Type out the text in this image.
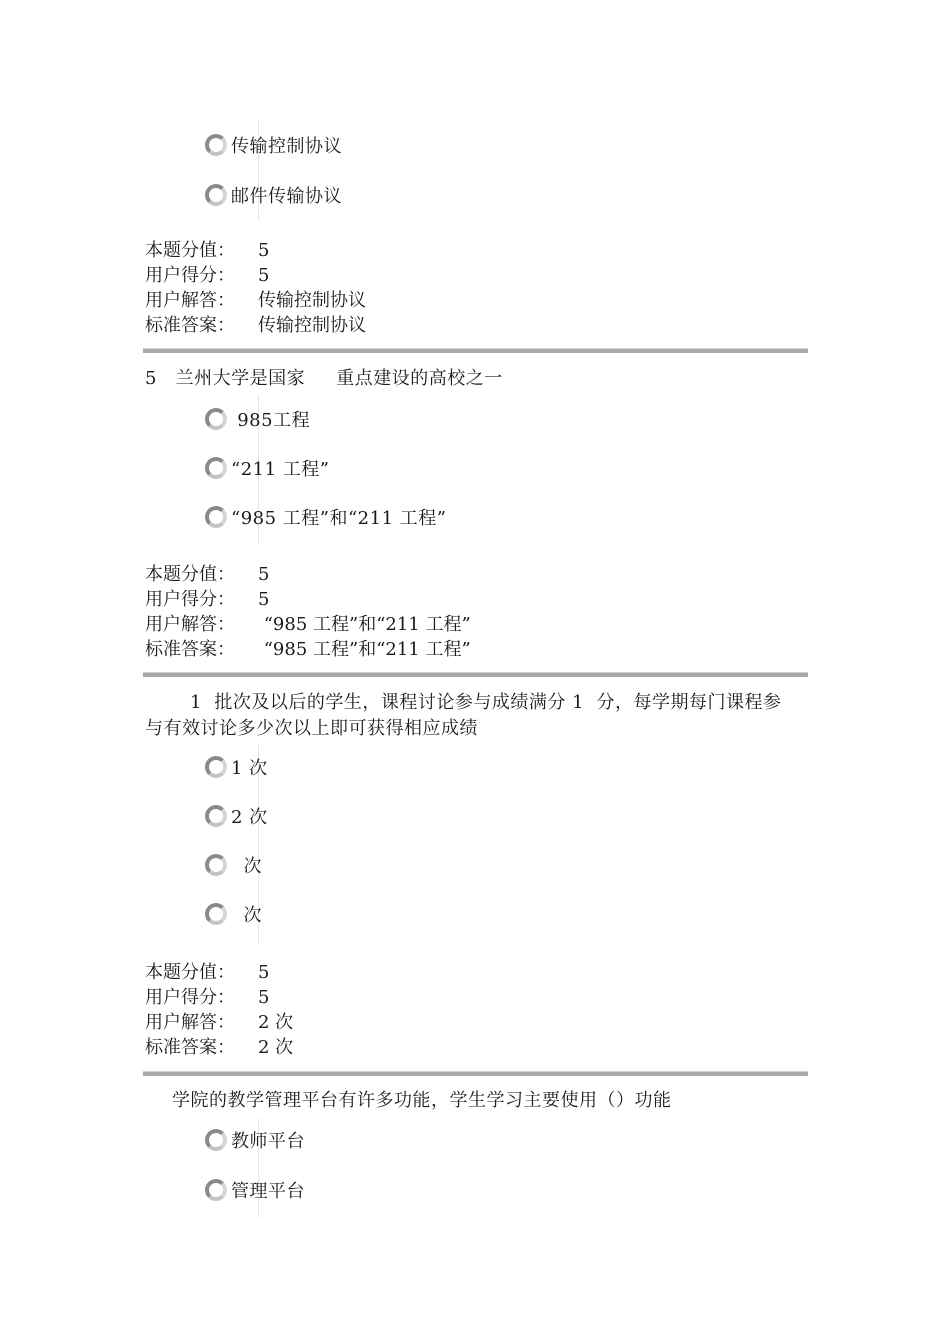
传输控制协议
邮件传输协议
本题分值： 5
用户得分： 5
用户解答： 传输控制协议
标准答案： 传输控制协议
5 兰州大学是国家 重点建设的高校之一
985工程
“211 工程”
“985 工程”和“211 工程”
本题分值： 5
用户得分： 5
用户解答： “985 工程”和“211 工程”
标准答案： “985 工程”和“211 工程”
1  批次及以后的学生，课程讨论参与成绩满分 1  分，每学期每门课程参
与有效讨论多少次以上即可获得相应成绩
1 次
2 次
次
次
本题分值： 5
用户得分： 5
用户解答： 2 次
标准答案： 2 次
学院的教学管理平台有许多功能，学生学习主要使用（）功能
教师平台
管理平台
